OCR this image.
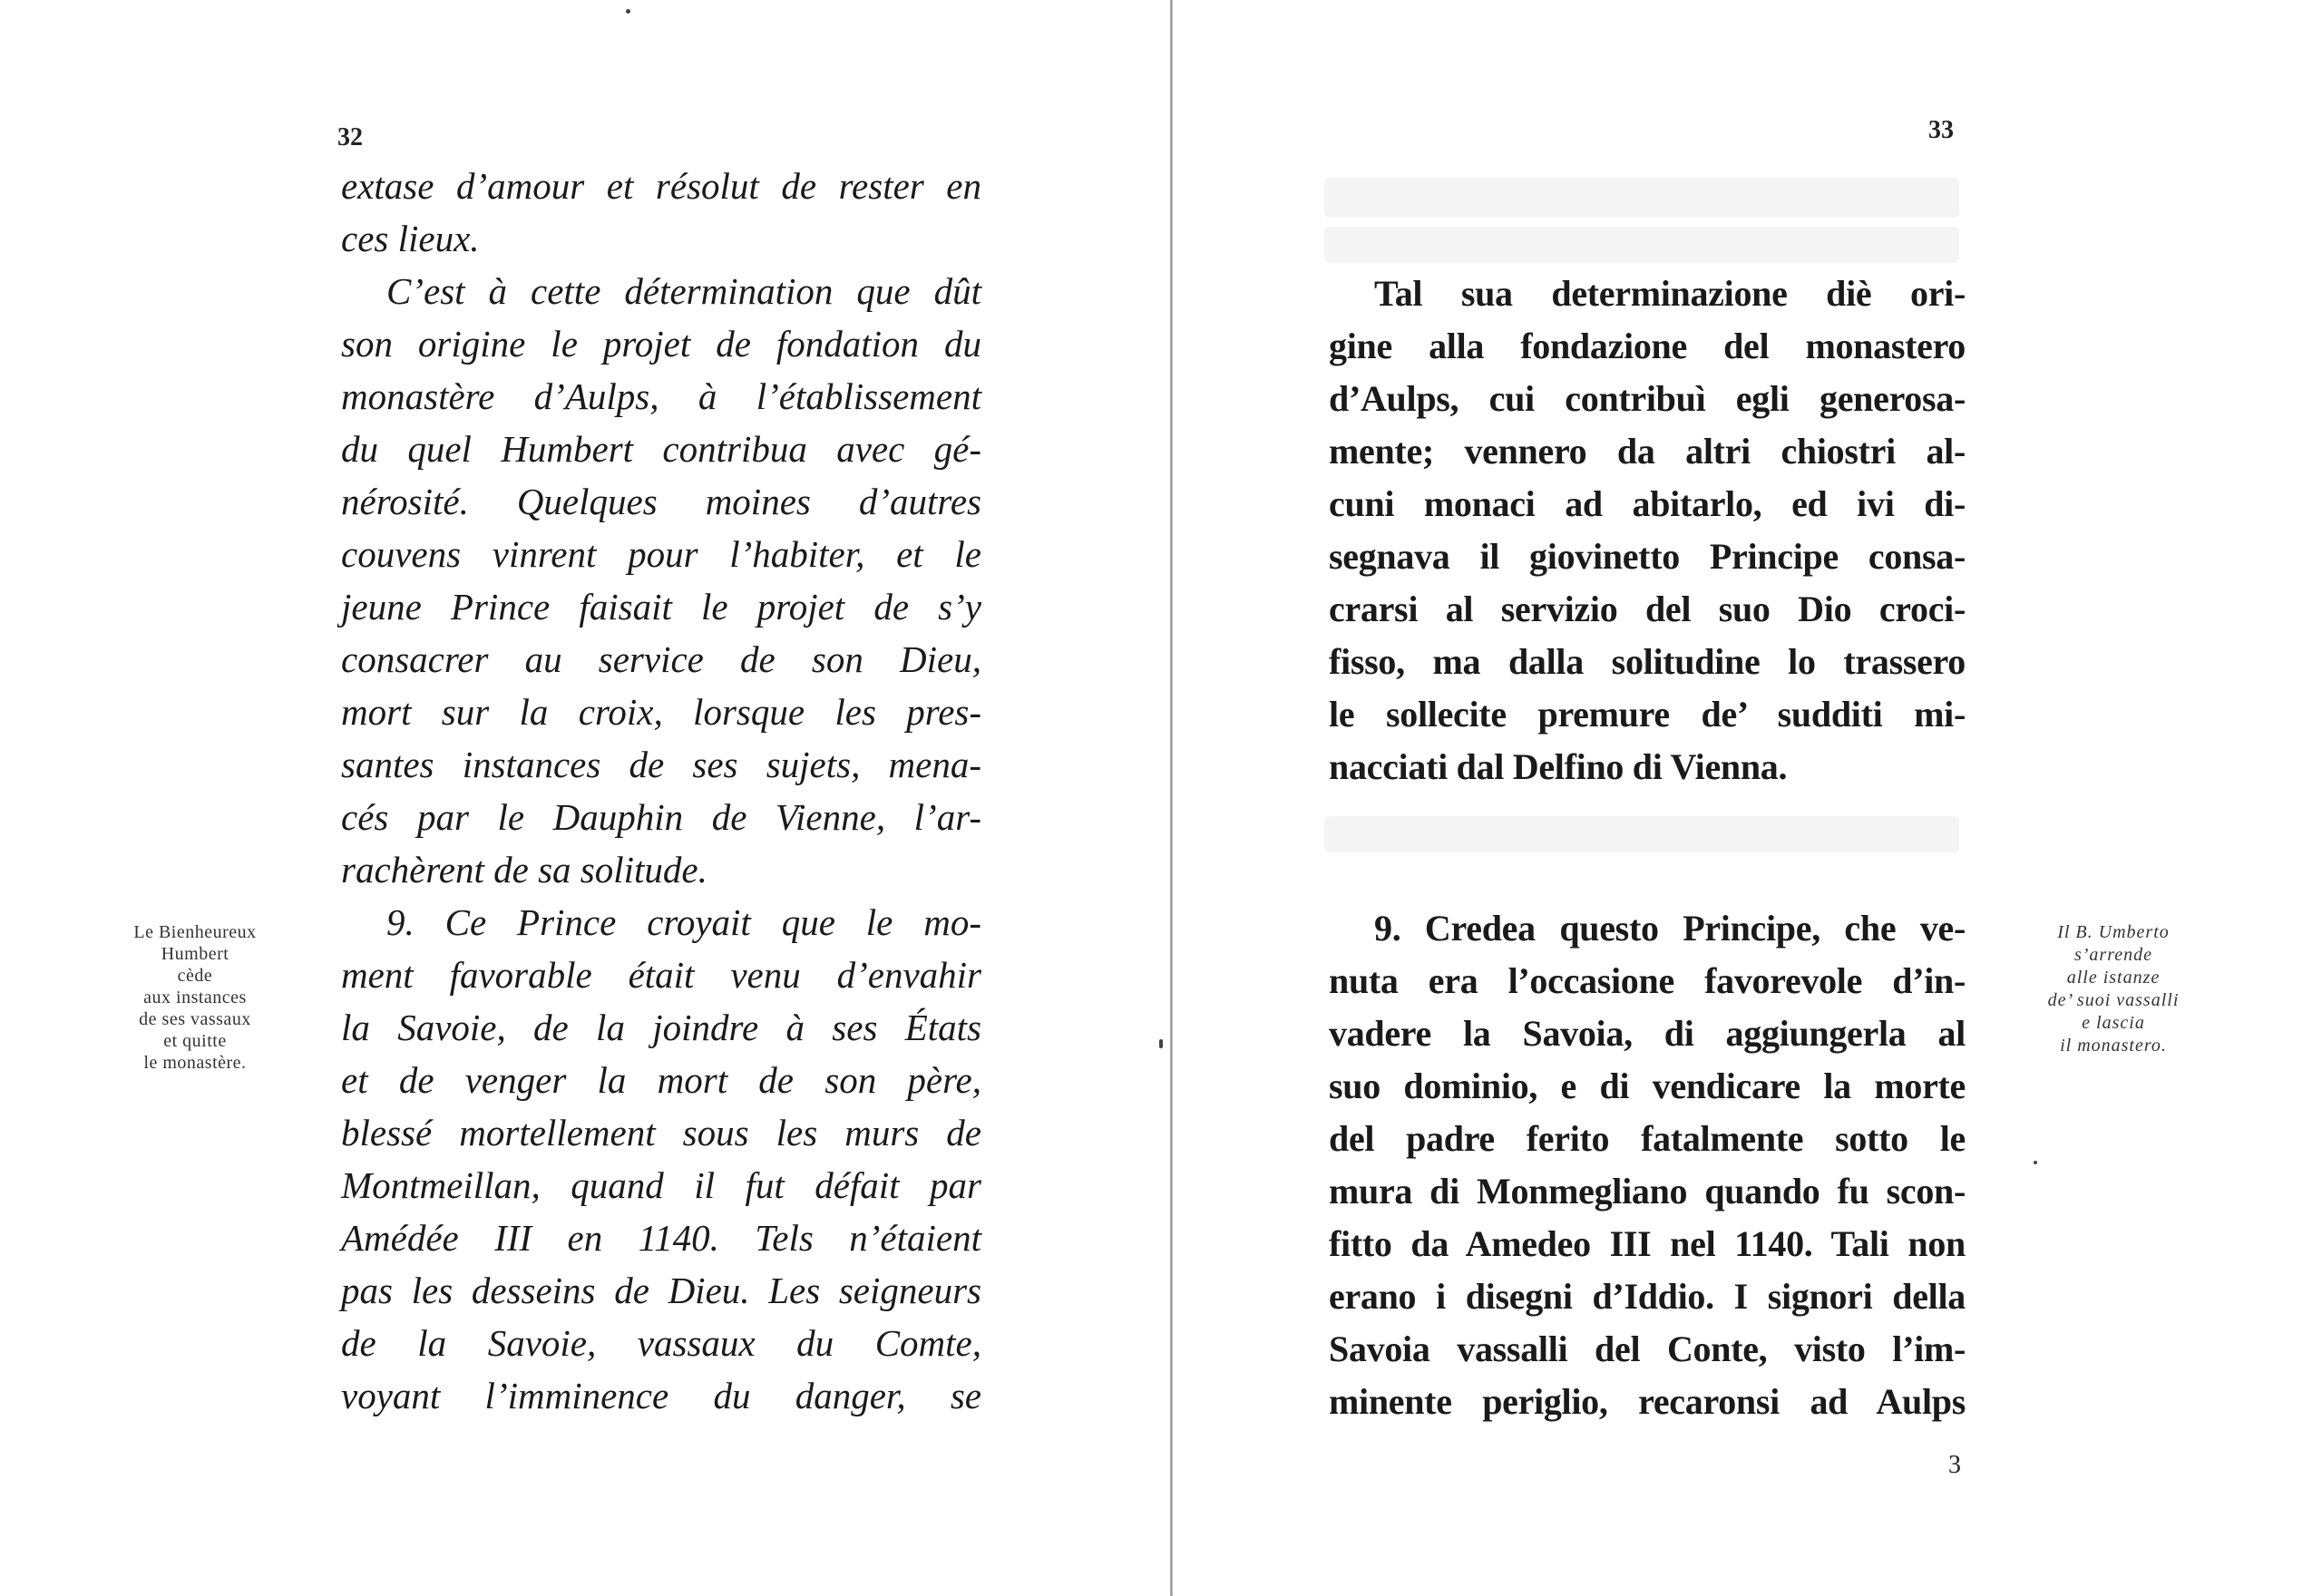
32
Le Bienheureux
Humbert
cède
aux instances
de ses vassaux
et quitte
le monastère.
extase d’amour et résolut de rester en
ces lieux.
C’est à cette détermination que dût
son origine le projet de fondation du
monastère d’Aulps, à l’établissement
du quel Humbert contribua avec gé-
nérosité. Quelques moines d’autres
couvens vinrent pour l’habiter, et le
jeune Prince faisait le projet de s’y
consacrer au service de son Dieu,
mort sur la croix, lorsque les pres-
santes instances de ses sujets, mena-
cés par le Dauphin de Vienne, l’ar-
rachèrent de sa solitude.
9. Ce Prince croyait que le mo-
ment favorable était venu d’envahir
la Savoie, de la joindre à ses États
et de venger la mort de son père,
blessé mortellement sous les murs de
Montmeillan, quand il fut défait par
Amédée III en 1140. Tels n’étaient
pas les desseins de Dieu. Les seigneurs
de la Savoie, vassaux du Comte,
voyant l’imminence du danger, se
33
Tal sua determinazione diè ori-
gine alla fondazione del monastero
d’Aulps, cui contribuì egli generosa-
mente; vennero da altri chiostri al-
cuni monaci ad abitarlo, ed ivi di-
segnava il giovinetto Principe consa-
crarsi al servizio del suo Dio croci-
fisso, ma dalla solitudine lo trassero
le sollecite premure de’ sudditi mi-
nacciati dal Delfino di Vienna.
Il B. Umberto
s’arrende
alle istanze
de’ suoi vassalli
e lascia
il monastero.
9. Credea questo Principe, che ve-
nuta era l’occasione favorevole d’in-
vadere la Savoia, di aggiungerla al
suo dominio, e di vendicare la morte
del padre ferito fatalmente sotto le
mura di Monmegliano quando fu scon-
fitto da Amedeo III nel 1140. Tali non
erano i disegni d’Iddio. I signori della
Savoia vassalli del Conte, visto l’im-
minente periglio, recaronsi ad Aulps
3
